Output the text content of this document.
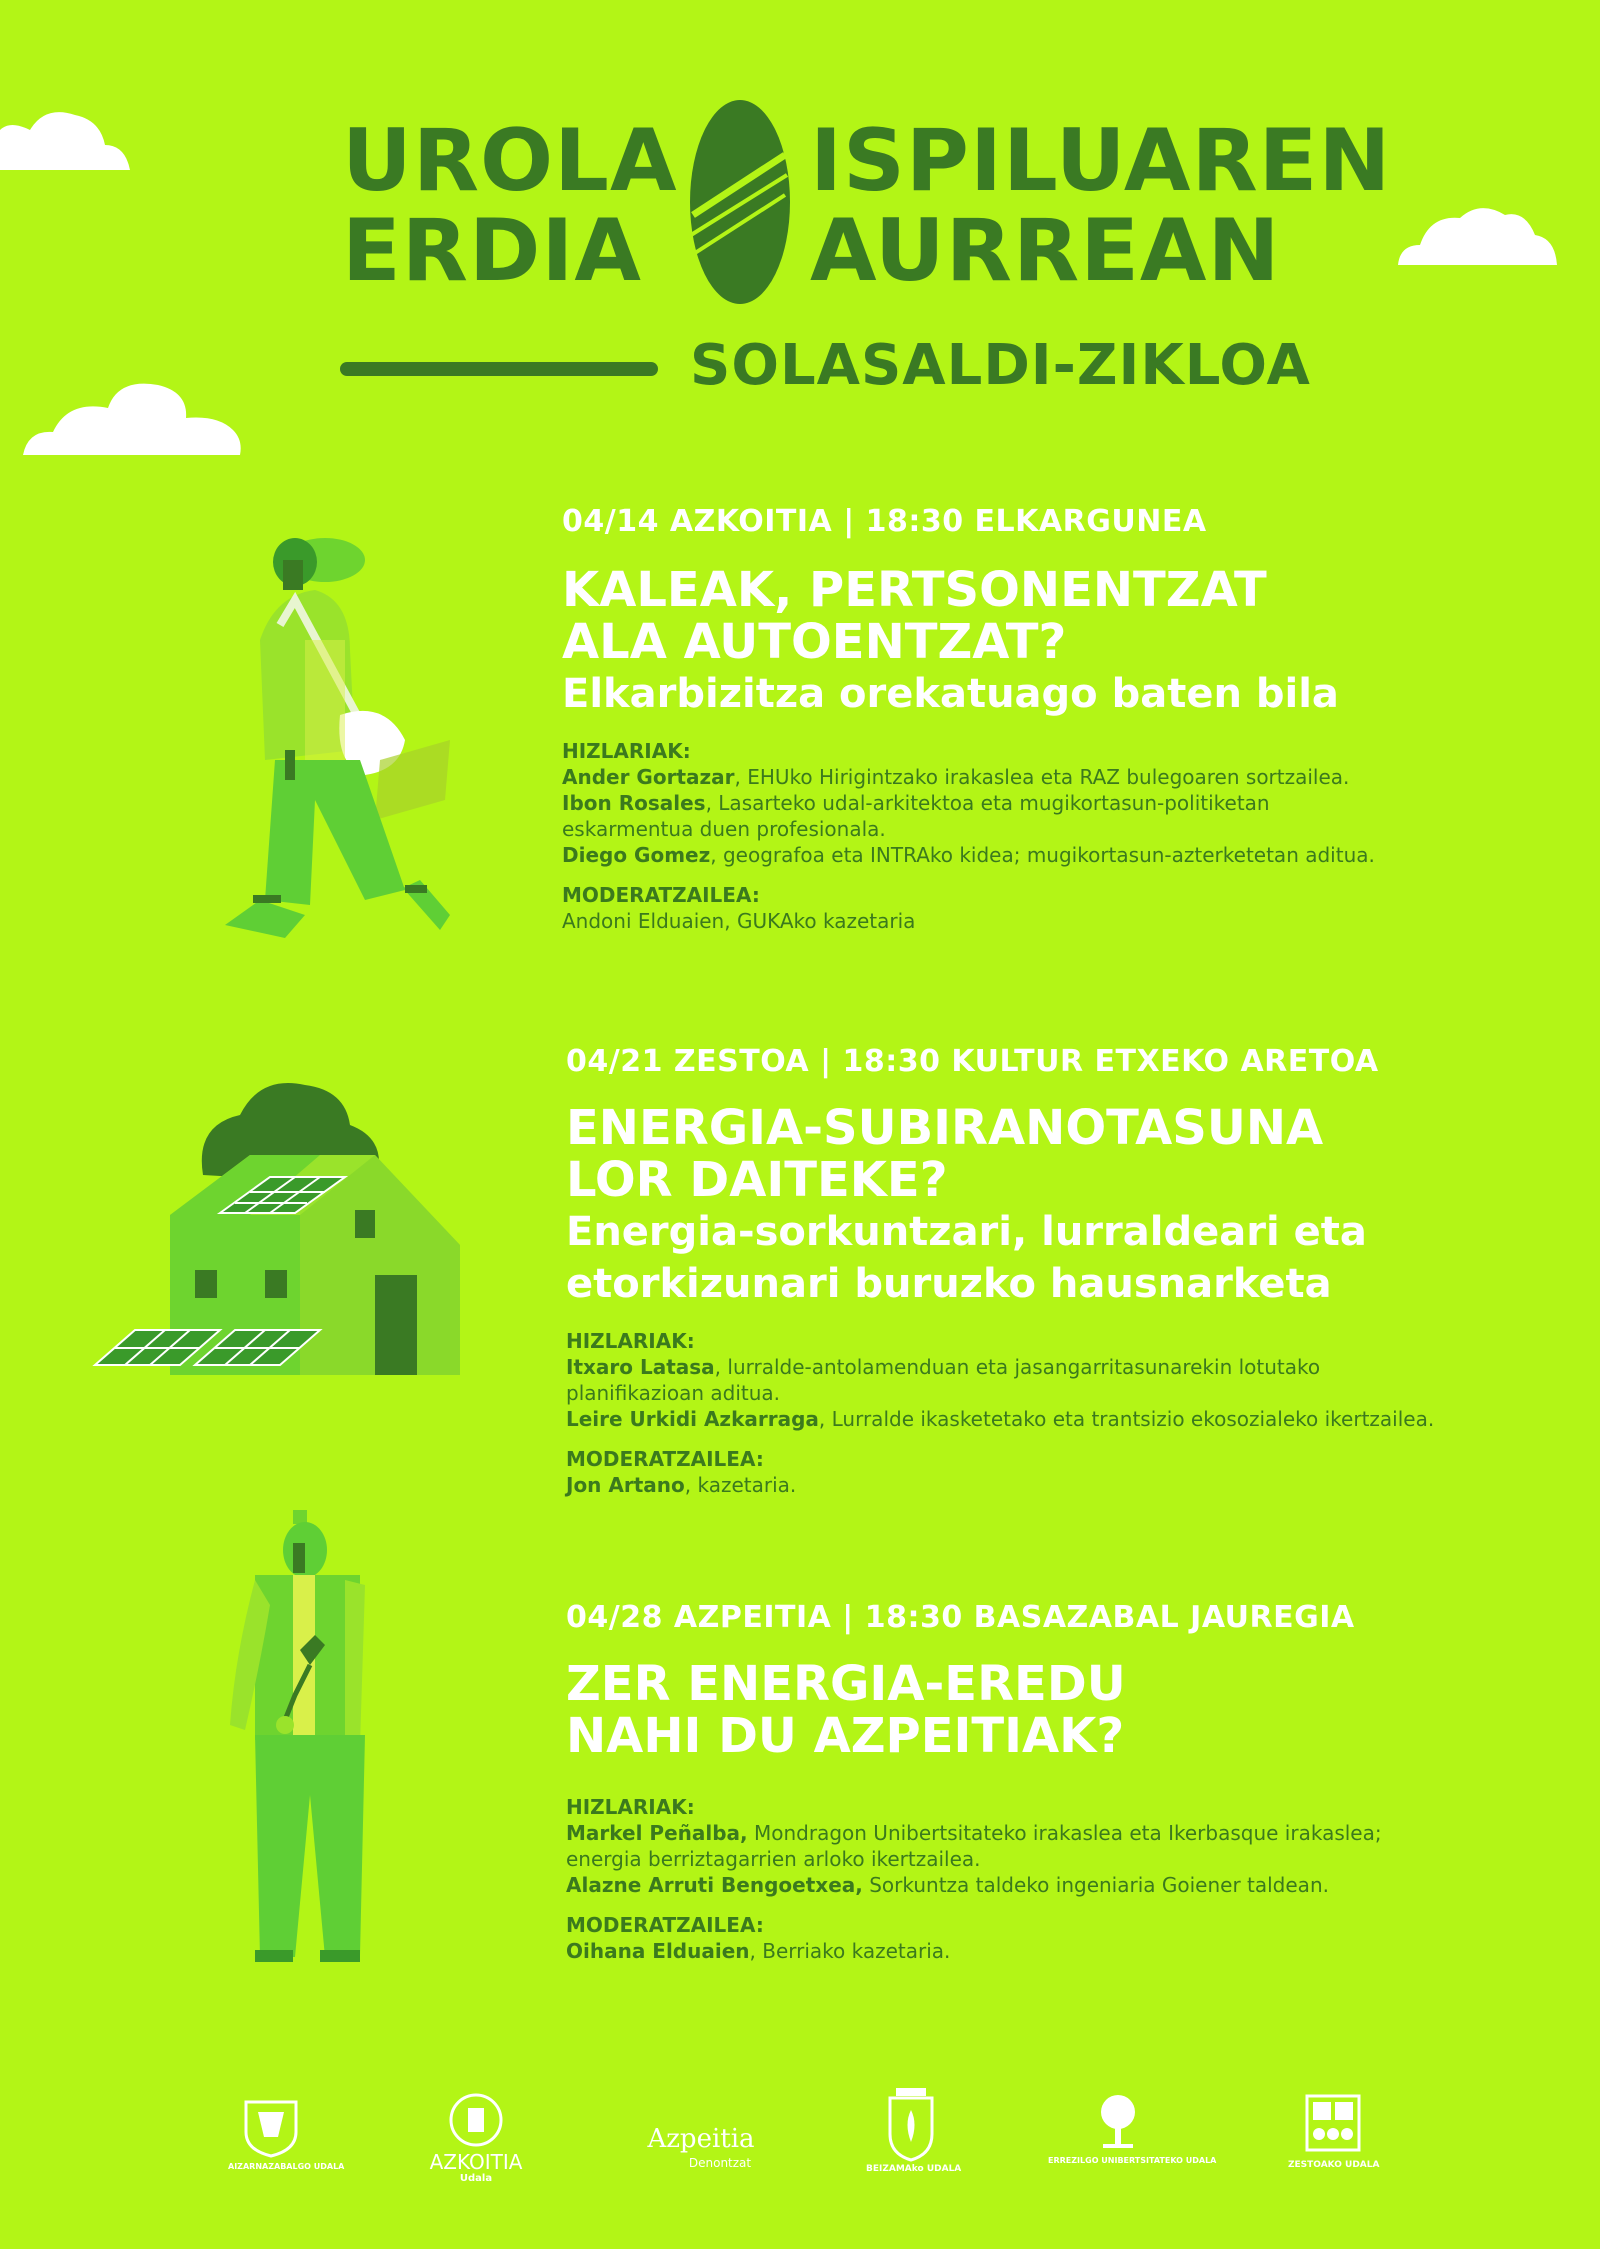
UROLA
ERDIA
ISPILUAREN
AURREAN
SOLASALDI-ZIKLOA
04/14 AZKOITIA | 18:30 ELKARGUNEA
KALEAK, PERTSONENTZAT
ALA AUTOENTZAT?
Elkarbizitza orekatuago baten bila
HIZLARIAK:
Ander Gortazar, EHUko Hirigintzako irakaslea eta RAZ bulegoaren sortzailea.
Ibon Rosales, Lasarteko udal-arkitektoa eta mugikortasun-politiketan
eskarmentua duen profesionala.
Diego Gomez, geografoa eta INTRAko kidea; mugikortasun-azterketetan aditua.
MODERATZAILEA:
Andoni Elduaien, GUKAko kazetaria
04/21 ZESTOA | 18:30 KULTUR ETXEKO ARETOA
ENERGIA-SUBIRANOTASUNA
LOR DAITEKE?
Energia-sorkuntzari, lurraldeari eta
etorkizunari buruzko hausnarketa
HIZLARIAK:
Itxaro Latasa, lurralde-antolamenduan eta jasangarritasunarekin lotutako
planifikazioan aditua.
Leire Urkidi Azkarraga, Lurralde ikasketetako eta trantsizio ekosozialeko ikertzailea.
MODERATZAILEA:
Jon Artano, kazetaria.
04/28 AZPEITIA | 18:30 BASAZABAL JAUREGIA
ZER ENERGIA-EREDU
NAHI DU AZPEITIAK?
HIZLARIAK:
Markel Peñalba, Mondragon Unibertsitateko irakaslea eta Ikerbasque irakaslea;
energia berriztagarrien arloko ikertzailea.
Alazne Arruti Bengoetxea, Sorkuntza taldeko ingeniaria Goiener taldean.
MODERATZAILEA:
Oihana Elduaien, Berriako kazetaria.
AIZARNAZABALGO UDALA	AZKOITIA
Udala
Azpeitia
Denontzat	BEIZAMAko UDALA
ERREZILGO UNIBERTSITATEKO UDALA	ZESTOAKO UDALA
